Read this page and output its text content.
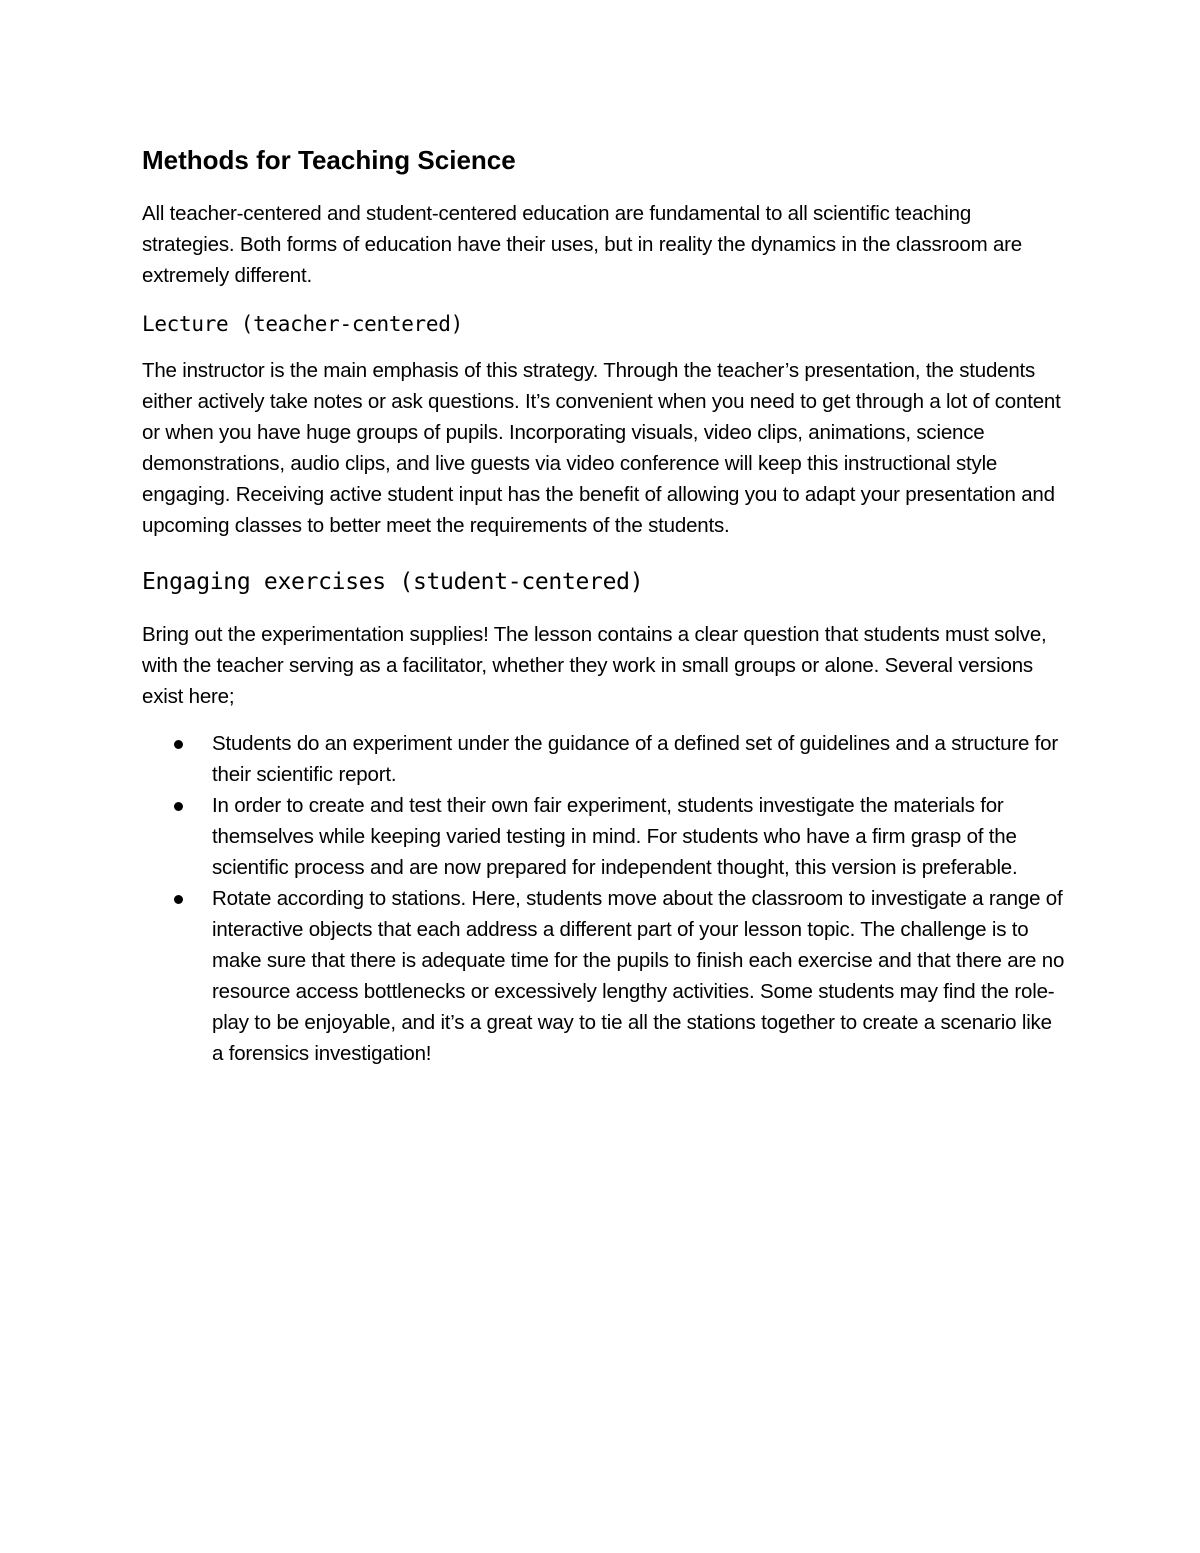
Methods for Teaching Science

All teacher-centered and student-centered education are fundamental to all scientific teaching strategies. Both forms of education have their uses, but in reality the dynamics in the classroom are extremely different.

Lecture (teacher-centered)

The instructor is the main emphasis of this strategy. Through the teacher’s presentation, the students either actively take notes or ask questions. It’s convenient when you need to get through a lot of content or when you have huge groups of pupils. Incorporating visuals, video clips, animations, science demonstrations, audio clips, and live guests via video conference will keep this instructional style engaging. Receiving active student input has the benefit of allowing you to adapt your presentation and upcoming classes to better meet the requirements of the students.

Engaging exercises (student-centered)

Bring out the experimentation supplies! The lesson contains a clear question that students must solve, with the teacher serving as a facilitator, whether they work in small groups or alone. Several versions exist here;

Students do an experiment under the guidance of a defined set of guidelines and a structure for their scientific report.
In order to create and test their own fair experiment, students investigate the materials for themselves while keeping varied testing in mind. For students who have a firm grasp of the scientific process and are now prepared for independent thought, this version is preferable.
Rotate according to stations. Here, students move about the classroom to investigate a range of interactive objects that each address a different part of your lesson topic. The challenge is to make sure that there is adequate time for the pupils to finish each exercise and that there are no resource access bottlenecks or excessively lengthy activities. Some students may find the role-play to be enjoyable, and it’s a great way to tie all the stations together to create a scenario like a forensics investigation!
